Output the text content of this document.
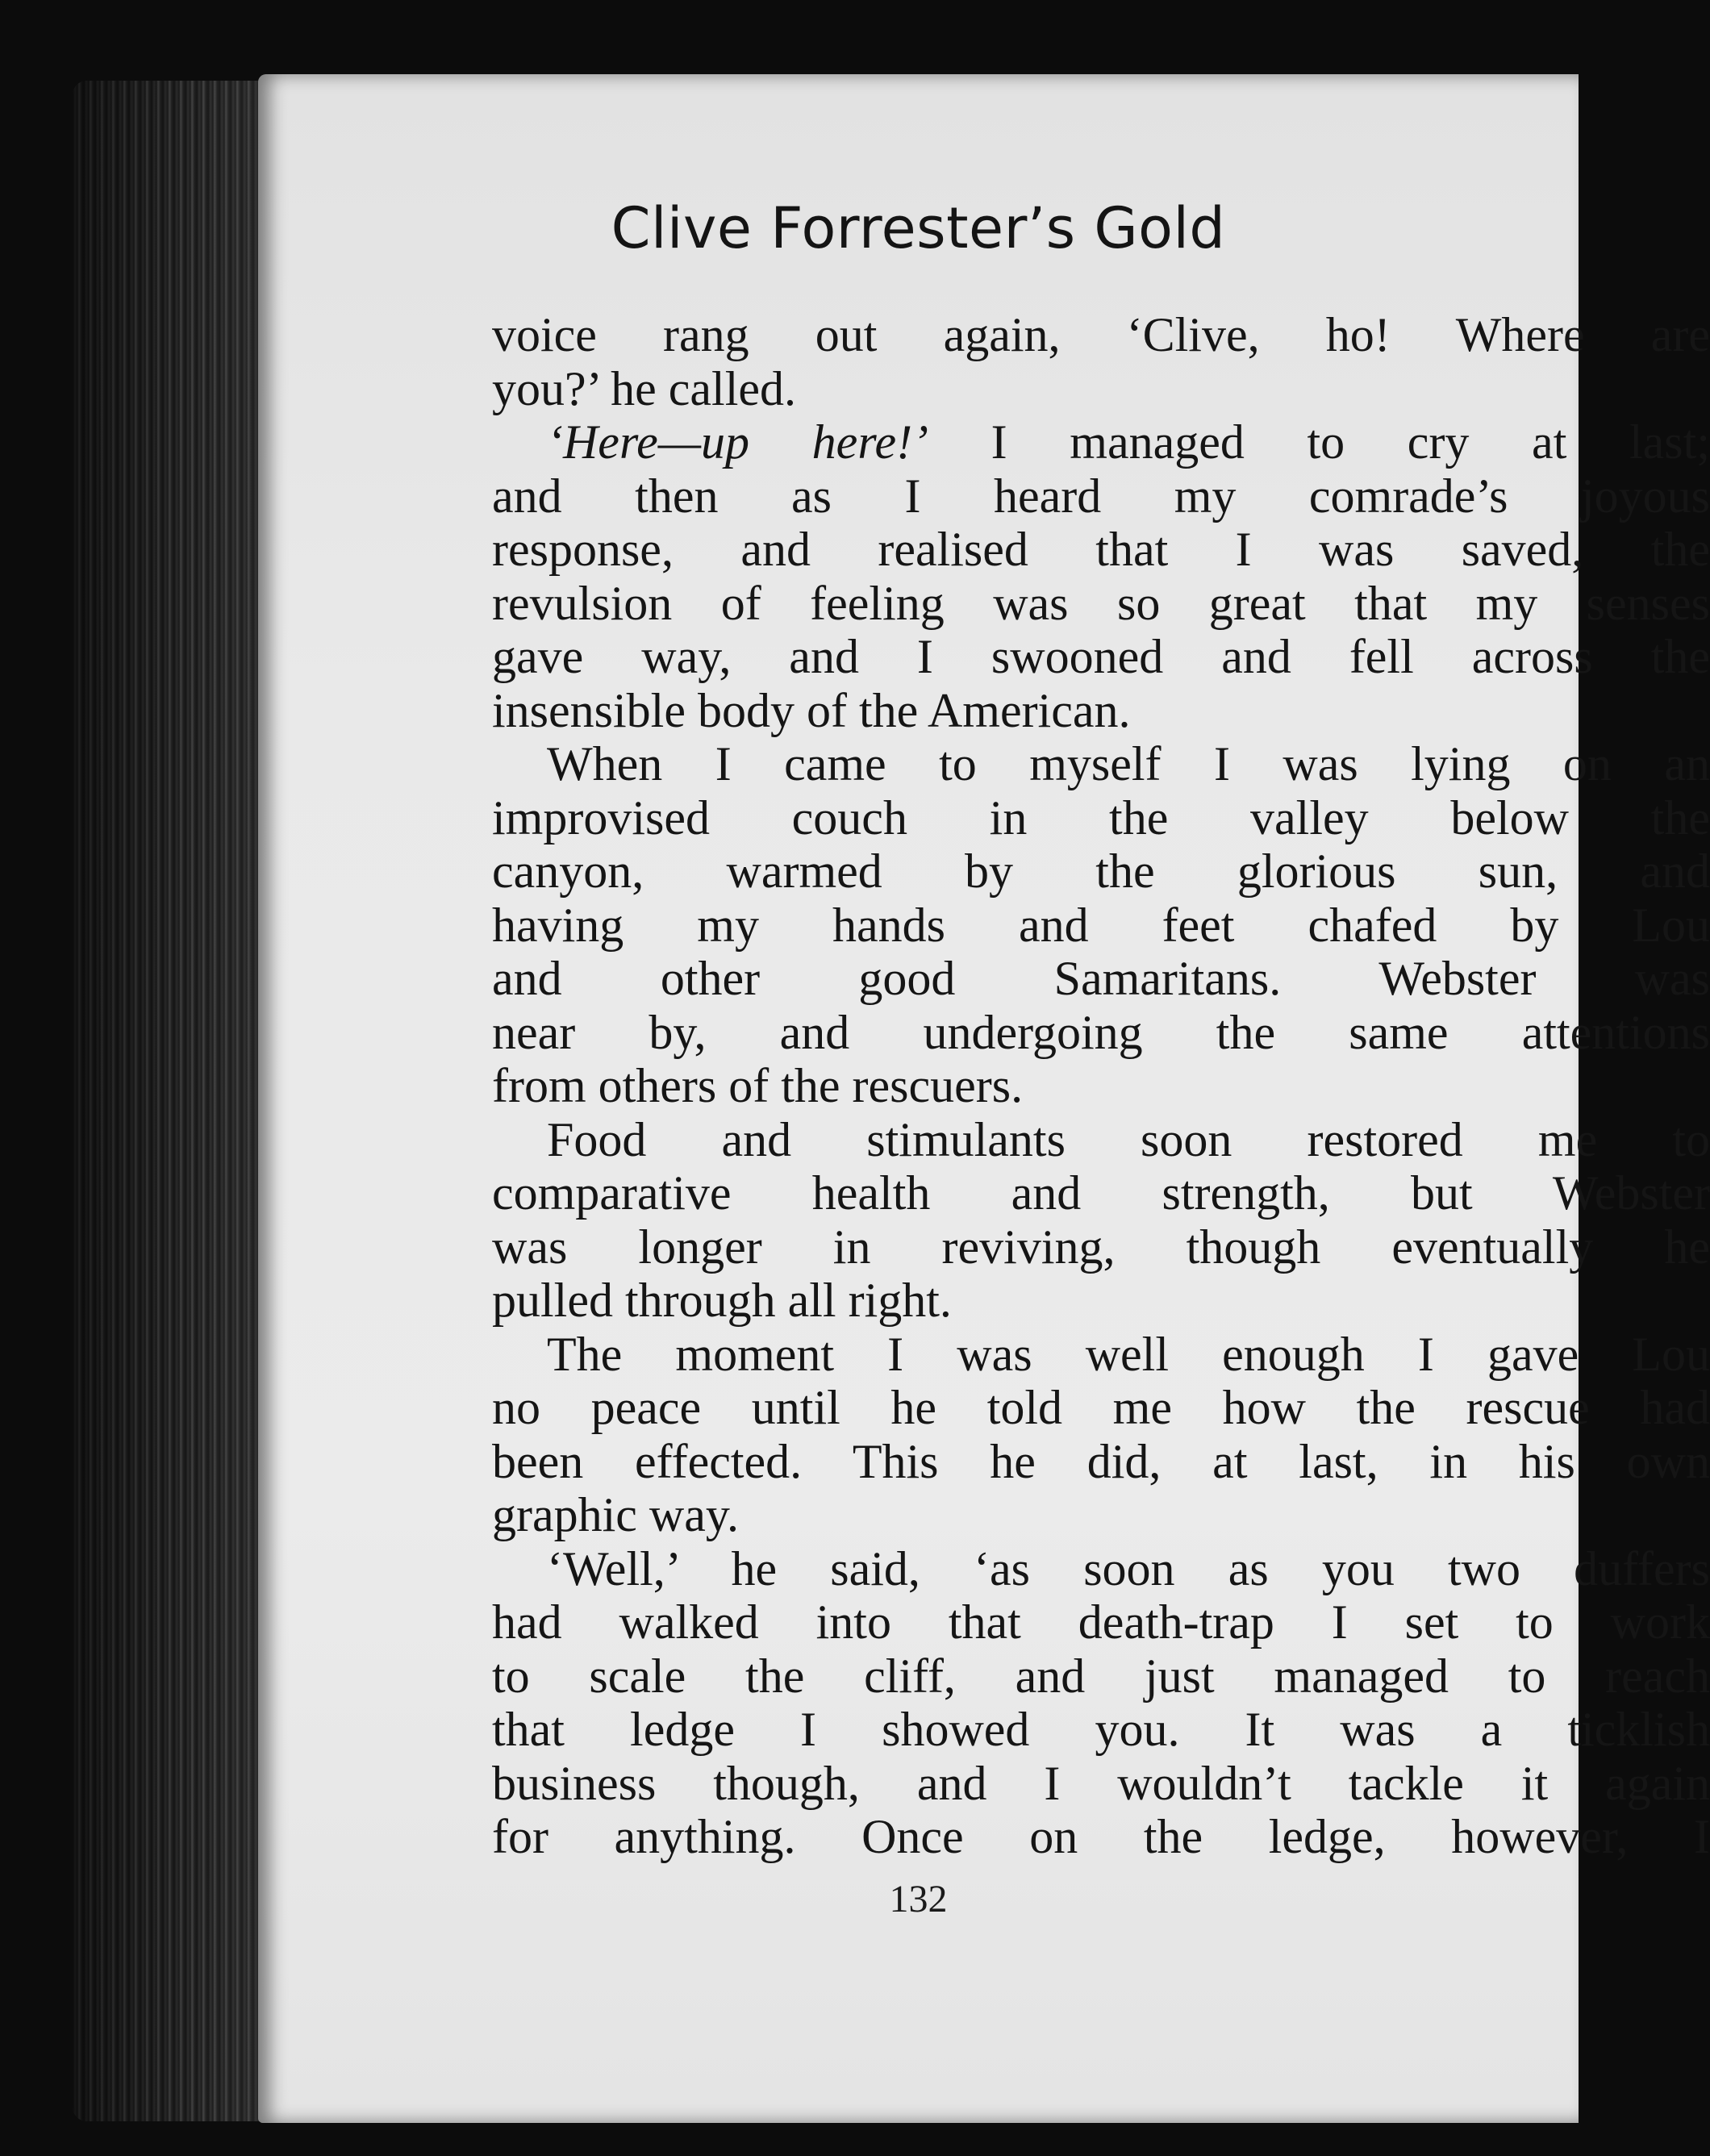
Clive Forrester’s Gold
voice rang out again, ‘Clive, ho! Where are
you?’ he called.
‘Here—up here!’ I managed to cry at last;
and then as I heard my comrade’s joyous
response, and realised that I was saved, the
revulsion of feeling was so great that my senses
gave way, and I swooned and fell across the
insensible body of the American.
When I came to myself I was lying on an
improvised couch in the valley below the
canyon, warmed by the glorious sun, and
having my hands and feet chafed by Lou
and other good Samaritans. Webster was
near by, and undergoing the same attentions
from others of the rescuers.
Food and stimulants soon restored me to
comparative health and strength, but Webster
was longer in reviving, though eventually he
pulled through all right.
The moment I was well enough I gave Lou
no peace until he told me how the rescue had
been effected. This he did, at last, in his own
graphic way.
‘Well,’ he said, ‘as soon as you two duffers
had walked into that death-trap I set to work
to scale the cliff, and just managed to reach
that ledge I showed you. It was a ticklish
business though, and I wouldn’t tackle it again
for anything. Once on the ledge, however, I
132
